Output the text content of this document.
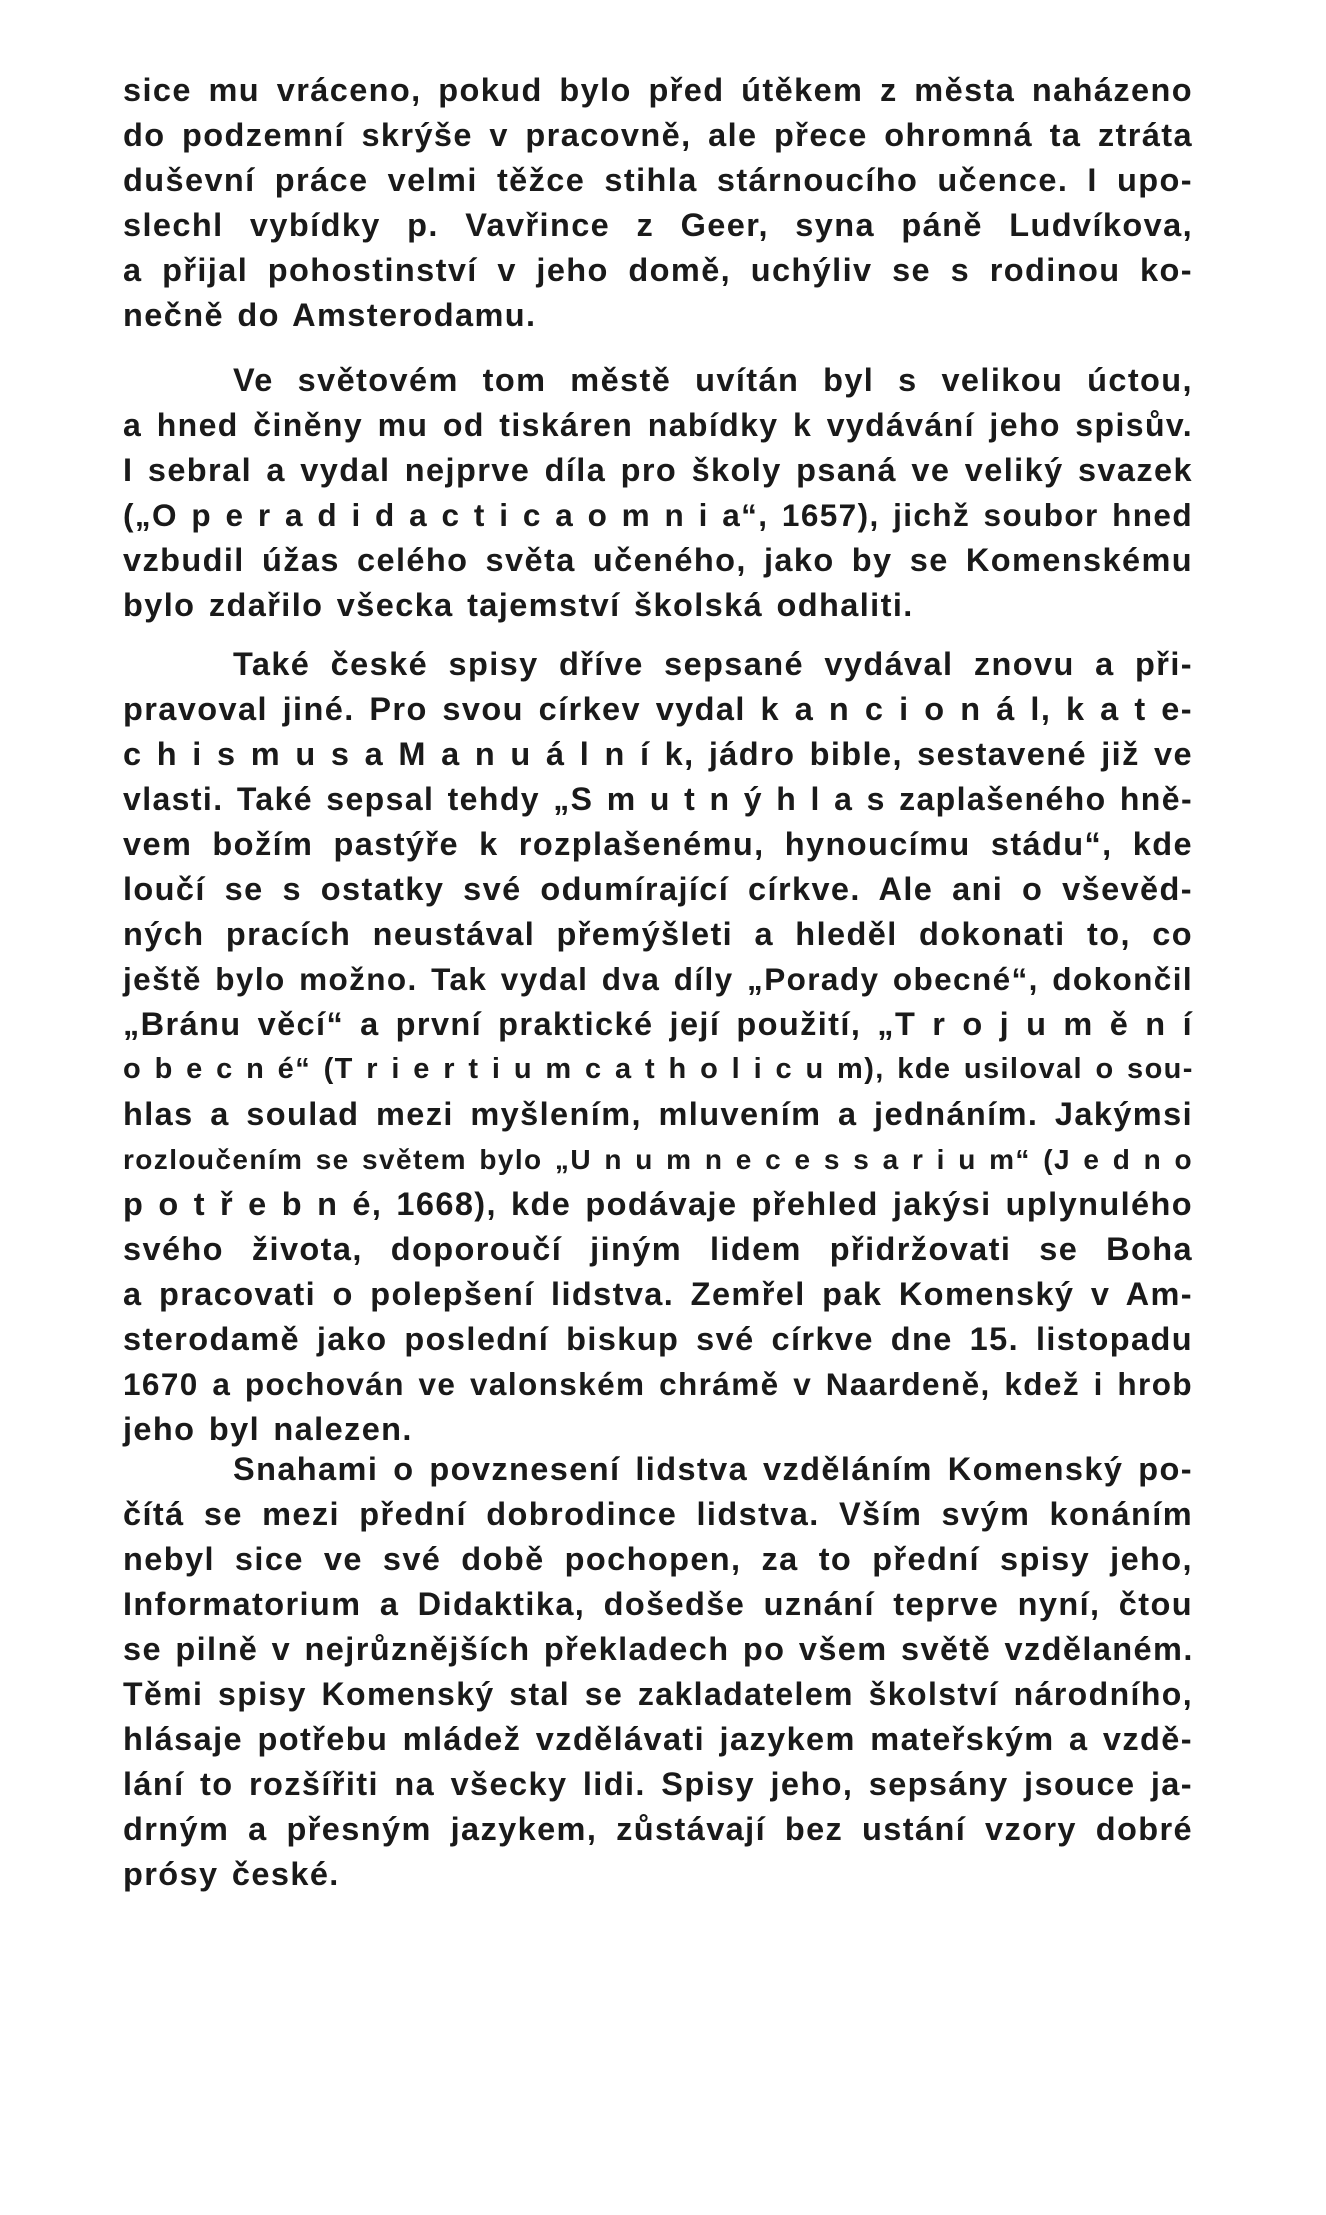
sice mu vráceno, pokud bylo před útěkem z města naházeno
do podzemní skrýše v pracovně, ale přece ohromná ta ztráta
duševní práce velmi těžce stihla stárnoucího učence. I upo-
slechl vybídky p. Vavřince z Geer, syna páně Ludvíkova,
a přijal pohostinství v jeho domě, uchýliv se s rodinou ko-
nečně do Amsterodamu.
Ve světovém tom městě uvítán byl s velikou úctou,
a hned činěny mu od tiskáren nabídky k vydávání jeho spisův.
I sebral a vydal nejprve díla pro školy psaná ve veliký svazek
(„O p e r a d i d a c t i c a o m n i a“, 1657), jichž soubor hned
vzbudil úžas celého světa učeného, jako by se Komenskému
bylo zdařilo všecka tajemství školská odhaliti.
Také české spisy dříve sepsané vydával znovu a při-
pravoval jiné. Pro svou církev vydal k a n c i o n á l, k a t e-
c h i s m u s a M a n u á l n í k, jádro bible, sestavené již ve
vlasti. Také sepsal tehdy „S m u t n ý h l a s zaplašeného hně-
vem božím pastýře k rozplašenému, hynoucímu stádu“, kde
loučí se s ostatky své odumírající církve. Ale ani o vševěd-
ných pracích neustával přemýšleti a hleděl dokonati to, co
ještě bylo možno. Tak vydal dva díly „Porady obecné“, dokončil
„Bránu věcí“ a první praktické její použití, „T r o j u m ě n í
o b e c n é“ (T r i e r t i u m c a t h o l i c u m), kde usiloval o sou-
hlas a soulad mezi myšlením, mluvením a jednáním. Jakýmsi
rozloučením se světem bylo „U n u m n e c e s s a r i u m“ (J e d n o
p o t ř e b n é, 1668), kde podávaje přehled jakýsi uplynulého
svého života, doporoučí jiným lidem přidržovati se Boha
a pracovati o polepšení lidstva. Zemřel pak Komenský v Am-
sterodamě jako poslední biskup své církve dne 15. listopadu
1670 a pochován ve valonském chrámě v Naardeně, kdež i hrob
jeho byl nalezen.
Snahami o povznesení lidstva vzděláním Komenský po-
čítá se mezi přední dobrodince lidstva. Vším svým konáním
nebyl sice ve své době pochopen, za to přední spisy jeho,
Informatorium a Didaktika, došedše uznání teprve nyní, čtou
se pilně v nejrůznějších překladech po všem světě vzdělaném.
Těmi spisy Komenský stal se zakladatelem školství národního,
hlásaje potřebu mládež vzdělávati jazykem mateřským a vzdě-
lání to rozšířiti na všecky lidi. Spisy jeho, sepsány jsouce ja-
drným a přesným jazykem, zůstávají bez ustání vzory dobré
prósy české.
